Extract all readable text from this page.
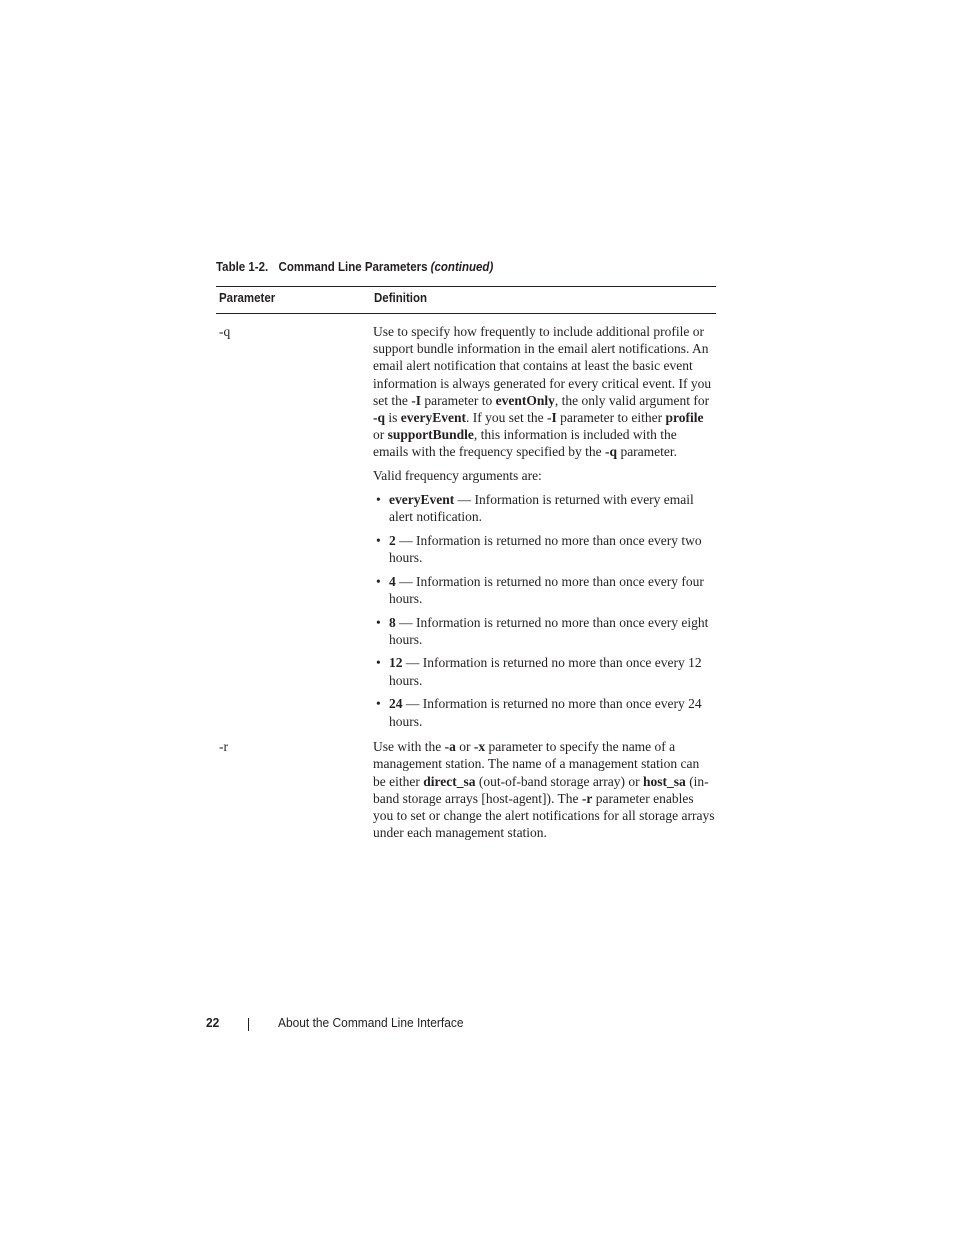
Table 1-2. Command Line Parameters (continued)
Parameter	Definition
-q	Use to specify how frequently to include additional profile or support bundle information in the email alert notifications. An email alert notification that contains at least the basic event information is always generated for every critical event. If you set the -I parameter to eventOnly, the only valid argument for -q is everyEvent. If you set the -I parameter to either profile or supportBundle, this information is included with the emails with the frequency specified by the -q parameter.

Valid frequency arguments are:

• everyEvent — Information is returned with every email alert notification.
• 2 — Information is returned no more than once every two hours.
• 4 — Information is returned no more than once every four hours.
• 8 — Information is returned no more than once every eight hours.
• 12 — Information is returned no more than once every 12 hours.
• 24 — Information is returned no more than once every 24 hours.
-r	Use with the -a or -x parameter to specify the name of a management station. The name of a management station can be either direct_sa (out-of-band storage array) or host_sa (in-band storage arrays [host-agent]). The -r parameter enables you to set or change the alert notifications for all storage arrays under each management station.

22	About the Command Line Interface
